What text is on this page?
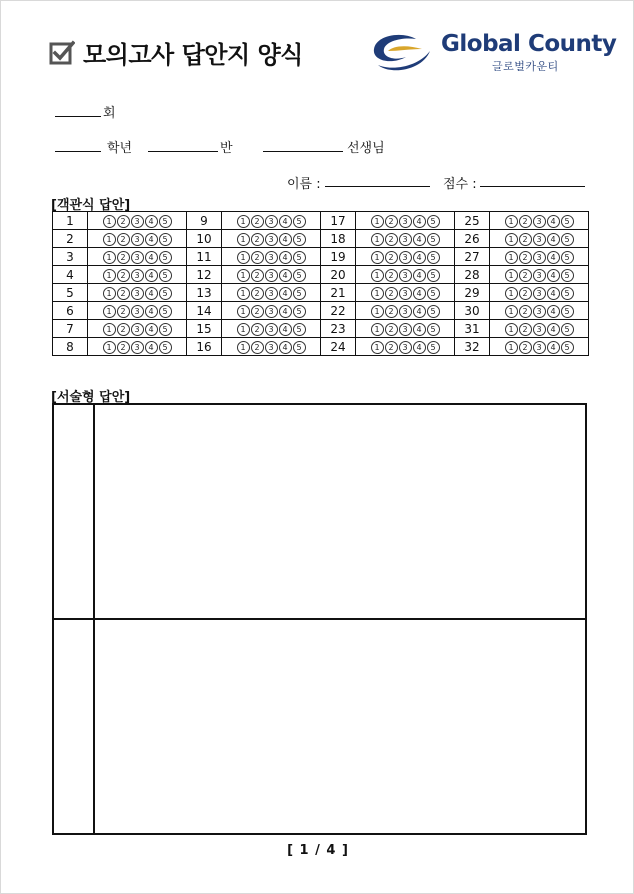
모의고사 답안지 양식	Global County
글로벌카운티
회
학년	반	선생님
이름 :	점수 :
[객관식 답안]
1	1 2 3 4 5	9	1 2 3 4 5	17	1 2 3 4 5	25	1 2 3 4 5

2	1 2 3 4 5	10	1 2 3 4 5	18	1 2 3 4 5	26	1 2 3 4 5

3	1 2 3 4 5	11	1 2 3 4 5	19	1 2 3 4 5	27	1 2 3 4 5

4	1 2 3 4 5	12	1 2 3 4 5	20	1 2 3 4 5	28	1 2 3 4 5

5	1 2 3 4 5	13	1 2 3 4 5	21	1 2 3 4 5	29	1 2 3 4 5

6	1 2 3 4 5	14	1 2 3 4 5	22	1 2 3 4 5	30	1 2 3 4 5

7	1 2 3 4 5	15	1 2 3 4 5	23	1 2 3 4 5	31	1 2 3 4 5

8	1 2 3 4 5	16	1 2 3 4 5	24	1 2 3 4 5	32	1 2 3 4 5
[서술형 답안]
[ 1 / 4 ]
